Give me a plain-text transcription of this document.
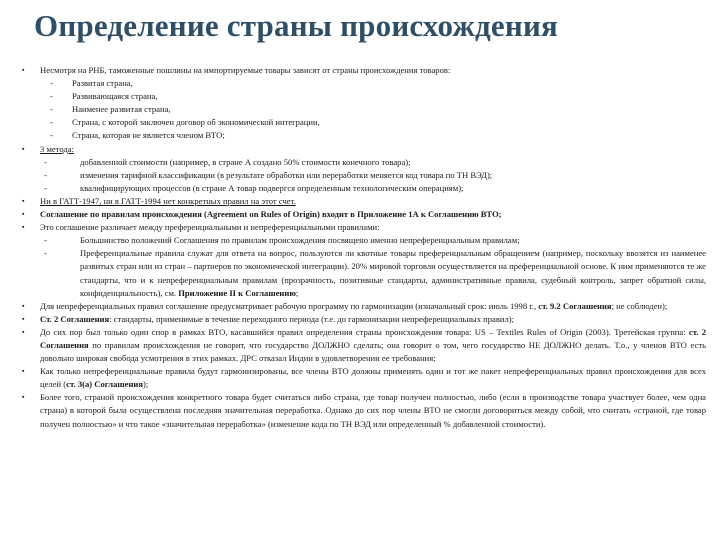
Определение страны происхождения
▪ Несмотря на РНБ, таможенные пошлины на импортируемые товары зависят от страны происхождения товаров:
- Развитая страна,
- Развивающаяся страна,
- Наименее развитая страна,
- Страна, с которой заключен договор об экономической интеграции,
- Страна, которая не является членом ВТО;
▪ 3 метода:
-	добавленной стоимости (например, в стране А создано 50% стоимости конечного товара);
-	изменения тарифной классификации (в результате обработки или переработки меняется код товара по ТН ВЭД);
-	квалифицирующих процессов (в стране А товар подвергся определенным технологическим операциям);
▪ Ни в ГАТТ-1947, ни в ГАТТ-1994 нет конкретных правил на этот счет.
▪ Соглашение по правилам происхождения (Agreement on Rules of Origin) входит в Приложение 1А к Соглашению ВТО;
▪ Это соглашение различает между преференциальными и непреференциальными правилами:
-	Большинство положений Соглашения по правилам происхождения посвящено именно непреференциальным правилам;
-	Преференциальные правила служат для ответа на вопрос, пользуются ли квотные товары преференциальным обращением (например, поскольку ввозятся из наименее развитых стран или из стран – партнеров по экономической интеграции). 20% мировой торговли осуществляется на преференциальной основе. К ним применяются те же стандарты, что и к непреференциальным правилам (прозрачность, позитивные стандарты, административные правила, судебный контроль, запрет обратной силы, конфиденциальность), см. Приложение II к Соглашению;
▪ Для непреференциальных правил соглашение предусматривает рабочую программу по гармонизации (изначальный срок: июль 1998 г., ст. 9.2 Соглашения; не соблюден);
▪ Ст. 2 Соглашения: стандарты, применимые в течение переходного периода (т.е. до гармонизации непреференциальных правил);
▪ До сих пор был только один спор в рамках ВТО, касавшийся правил определения страны происхождения товара: US – Textiles Rules of Origin (2003). Третейская группа: ст. 2 Соглашения по правилам происхождения не говорит, что государство ДОЛЖНО сделать; она говорит о том, чего государство НЕ ДОЛЖНО делать. Т.о., у членов ВТО есть довольно широкая свобода усмотрения в этих рамках. ДРС отказал Индии в удовлетворении ее требования;
▪ Как только непреференциальные правила будут гармонизированы, все члены ВТО должны применять один и тот же пакет непреференциальных правил происхождения для всех целей (ст. 3(а) Соглашения);
▪ Более того, страной происхождения конкретного товара будет считаться либо страна, где товар получен полностью, либо (если в производстве товара участвует более, чем одна страна) в которой была осуществлена последняя значительная переработка. Однако до сих пор члены ВТО не смогли договориться между собой, что считать «страной, где товар получен полностью» и что такое «значительная переработка» (изменение кода по ТН ВЭД или определенный % добавленной стоимости).
